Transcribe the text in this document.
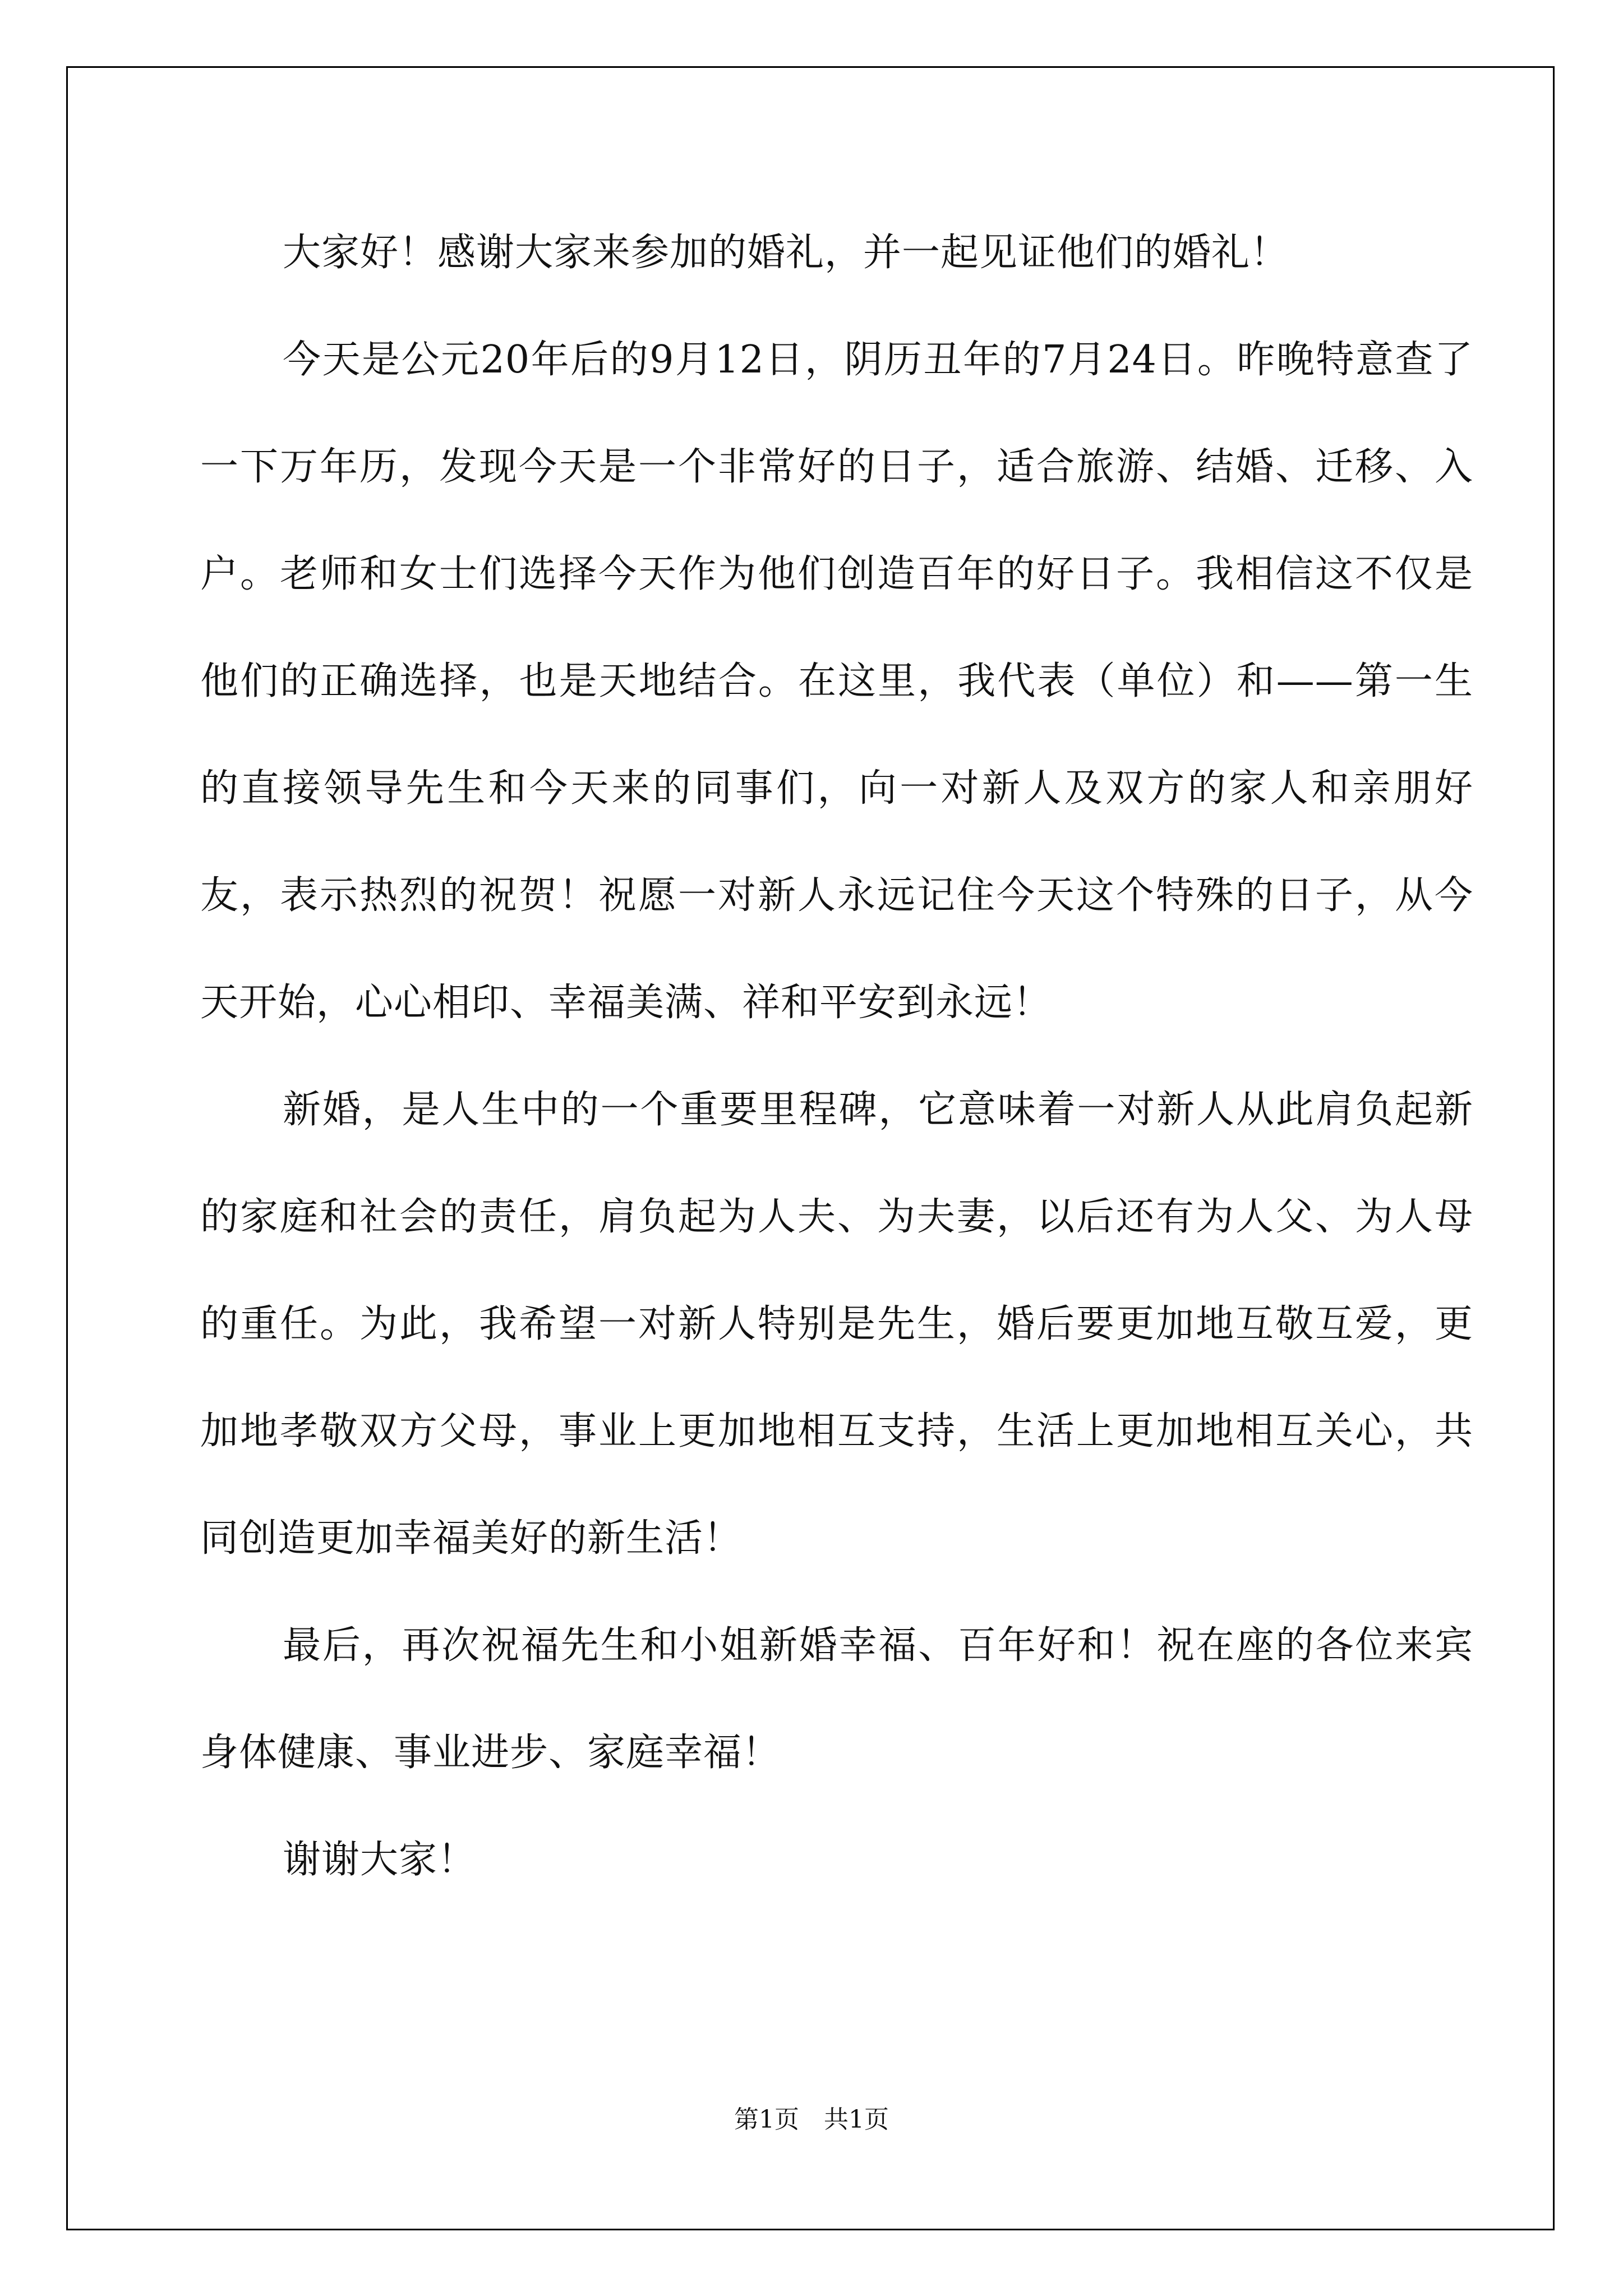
大家好！感谢大家来参加的婚礼，并一起见证他们的婚礼！

今天是公元20年后的9月12日，阴历丑年的7月24日。昨晚特意查了一下万年历，发现今天是一个非常好的日子，适合旅游、结婚、迁移、入户。老师和女士们选择今天作为他们创造百年的好日子。我相信这不仅是他们的正确选择，也是天地结合。在这里，我代表（单位）和——第一生的直接领导先生和今天来的同事们，向一对新人及双方的家人和亲朋好友，表示热烈的祝贺！祝愿一对新人永远记住今天这个特殊的日子，从今天开始，心心相印、幸福美满、祥和平安到永远！

新婚，是人生中的一个重要里程碑，它意味着一对新人从此肩负起新的家庭和社会的责任，肩负起为人夫、为夫妻，以后还有为人父、为人母的重任。为此，我希望一对新人特别是先生，婚后要更加地互敬互爱，更加地孝敬双方父母，事业上更加地相互支持，生活上更加地相互关心，共同创造更加幸福美好的新生活！

最后，再次祝福先生和小姐新婚幸福、百年好和！祝在座的各位来宾身体健康、事业进步、家庭幸福！

谢谢大家！

第1页　共1页
